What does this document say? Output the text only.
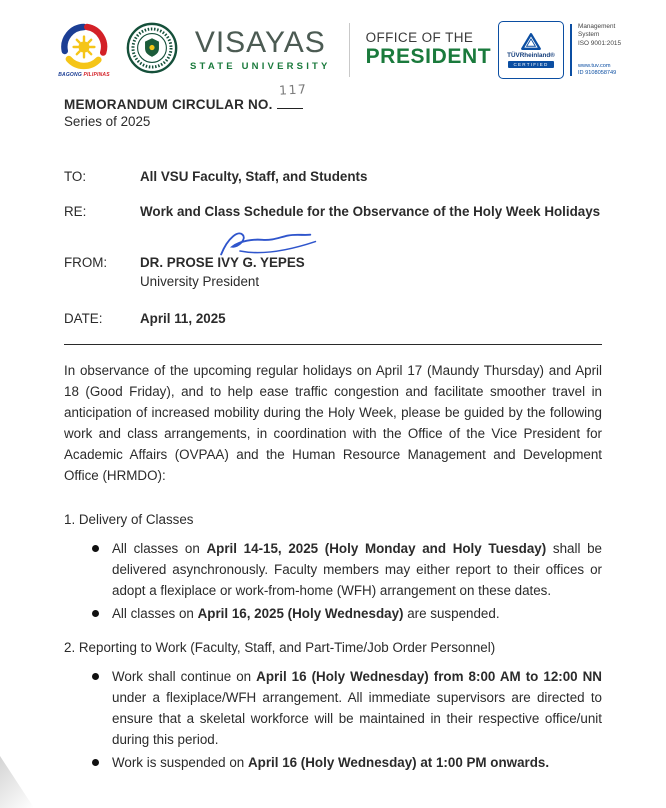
BAGONG PILIPINAS
VISAYAS
STATE UNIVERSITY
OFFICE OF THE
PRESIDENT	TÜVRheinland®
CERTIFIED
Management
System
ISO 9001:2015
www.tuv.com
ID 9108058749
MEMORANDUM CIRCULAR NO.
117
Series of 2025
TO:	All VSU Faculty, Staff, and Students
RE:	Work and Class Schedule for the Observance of the Holy Week Holidays
FROM:	DR. PROSE IVY G. YEPES
University President
DATE:	April 11, 2025

In observance of the upcoming regular holidays on April 17 (Maundy Thursday) and April 18 (Good Friday), and to help ease traffic congestion and facilitate smoother travel in anticipation of increased mobility during the Holy Week, please be guided by the following work and class arrangements, in coordination with the Office of the Vice President for Academic Affairs (OVPAA) and the Human Resource Management and Development Office (HRMDO):

1. Delivery of Classes
All classes on April 14-15, 2025 (Holy Monday and Holy Tuesday) shall be delivered asynchronously. Faculty members may either report to their offices or adopt a flexiplace or work-from-home (WFH) arrangement on these dates.
All classes on April 16, 2025 (Holy Wednesday) are suspended.
2. Reporting to Work (Faculty, Staff, and Part-Time/Job Order Personnel)
Work shall continue on April 16 (Holy Wednesday) from 8:00 AM to 12:00 NN under a flexiplace/WFH arrangement. All immediate supervisors are directed to ensure that a skeletal workforce will be maintained in their respective office/unit during this period.
Work is suspended on April 16 (Holy Wednesday) at 1:00 PM onwards.
